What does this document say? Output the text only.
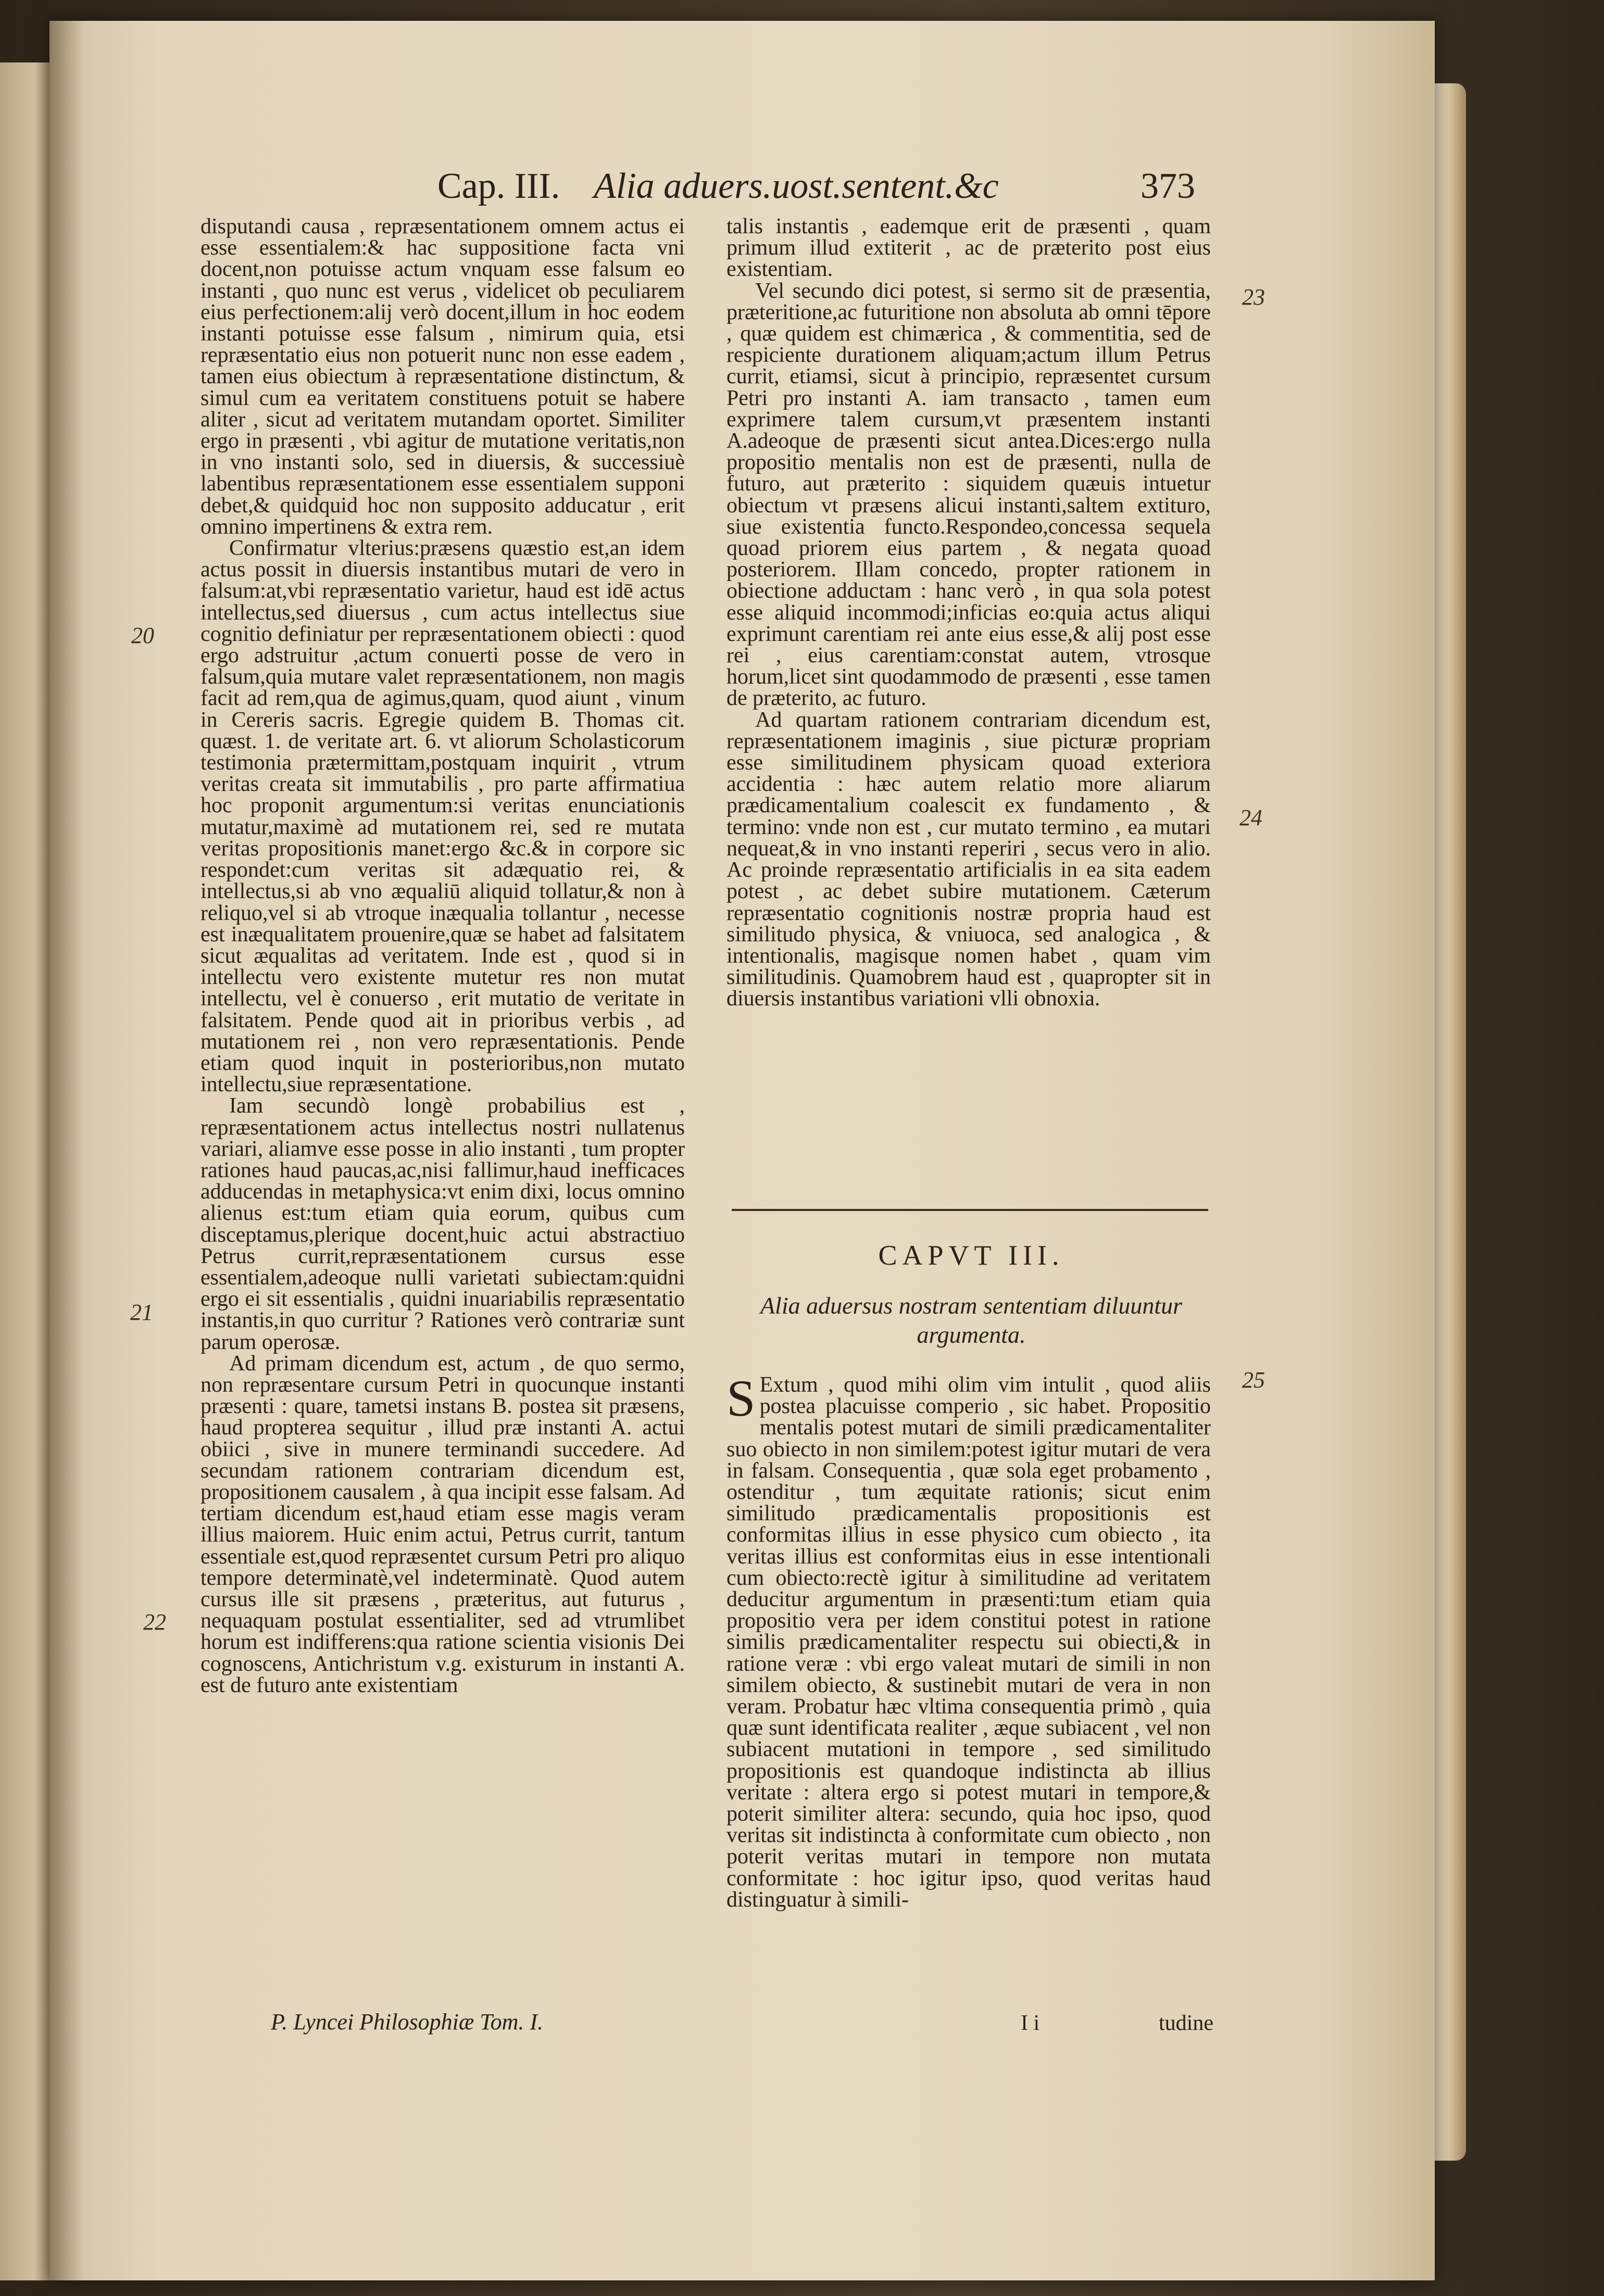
Cap. III. Alia aduers.uost.sentent.&c	373

disputandi causa , repræsentationem omnem actus ei esse essentialem:& hac suppositione facta vni docent,non potuisse actum vnquam esse falsum eo instanti , quo nunc est verus , videlicet ob peculiarem eius perfectionem:alij verò docent,illum in hoc eodem instanti potuisse esse falsum , nimirum quia, etsi repræsentatio eius non potuerit nunc non esse eadem , tamen eius obiectum à repræsentatione distinctum, & simul cum ea veritatem constituens potuit se habere aliter , sicut ad veritatem mutandam oportet. Similiter ergo in præsenti , vbi agitur de mutatione veritatis,non in vno instanti solo, sed in diuersis, & successiuè labentibus repræsentationem esse essentialem supponi debet,& quidquid hoc non supposito adducatur , erit omnino impertinens & extra rem.

Confirmatur vlterius:præsens quæstio est,an idem actus possit in diuersis instantibus mutari de vero in falsum:at,vbi repræsentatio varietur, haud est idē actus intellectus,sed diuersus , cum actus intellectus siue cognitio definiatur per repræsentationem obiecti : quod ergo adstruitur ,actum conuerti posse de vero in falsum,quia mutare valet repræsentationem, non magis facit ad rem,qua de agimus,quam, quod aiunt , vinum in Cereris sacris. Egregie quidem B. Thomas cit. quæst. 1. de veritate art. 6. vt aliorum Scholasticorum testimonia prætermittam,postquam inquirit , vtrum veritas creata sit immutabilis , pro parte affirmatiua hoc proponit argumentum:si veritas enunciationis mutatur,maximè ad mutationem rei, sed re mutata veritas propositionis manet:ergo &c.& in corpore sic respondet:cum veritas sit adæquatio rei, & intellectus,si ab vno æqualiū aliquid tollatur,& non à reliquo,vel si ab vtroque inæqualia tollantur , necesse est inæqualitatem prouenire,quæ se habet ad falsitatem sicut æqualitas ad veritatem. Inde est , quod si in intellectu vero existente mutetur res non mutat intellectu, vel è conuerso , erit mutatio de veritate in falsitatem. Pende quod ait in prioribus verbis , ad mutationem rei , non vero repræsentationis. Pende etiam quod inquit in posterioribus,non mutato intellectu,siue repræsentatione.

Iam secundò longè probabilius est , repræsentationem actus intellectus nostri nullatenus variari, aliamve esse posse in alio instanti , tum propter rationes haud paucas,ac,nisi fallimur,haud inefficaces adducendas in metaphysica:vt enim dixi, locus omnino alienus est:tum etiam quia eorum, quibus cum disceptamus,plerique docent,huic actui abstractiuo Petrus currit,repræsentationem cursus esse essentialem,adeoque nulli varietati subiectam:quidni ergo ei sit essentialis , quidni inuariabilis repræsentatio instantis,in quo curritur ? Rationes verò contrariæ sunt parum operosæ.

Ad primam dicendum est, actum , de quo sermo, non repræsentare cursum Petri in quocunque instanti præsenti : quare, tametsi instans B. postea sit præsens, haud propterea sequitur , illud præ instanti A. actui obiici , sive in munere terminandi succedere. Ad secundam rationem contrariam dicendum est, propositionem causalem , à qua incipit esse falsam. Ad tertiam dicendum est,haud etiam esse magis veram illius maiorem. Huic enim actui, Petrus currit, tantum essentiale est,quod repræsentet cursum Petri pro aliquo tempore determinatè,vel indeterminatè. Quod autem cursus ille sit præsens , præteritus, aut futurus , nequaquam postulat essentialiter, sed ad vtrumlibet horum est indifferens:qua ratione scientia visionis Dei cognoscens, Antichristum v.g. existurum in instanti A. est de futuro ante existentiam

talis instantis , eademque erit de præsenti , quam primum illud extiterit , ac de præterito post eius existentiam.

Vel secundo dici potest, si sermo sit de præsentia, præteritione,ac futuritione non absoluta ab omni tēpore , quæ quidem est chimærica , & commentitia, sed de respiciente durationem aliquam;actum illum Petrus currit, etiamsi, sicut à principio, repræsentet cursum Petri pro instanti A. iam transacto , tamen eum exprimere talem cursum,vt præsentem instanti A.adeoque de præsenti sicut antea.Dices:ergo nulla propositio mentalis non est de præsenti, nulla de futuro, aut præterito : siquidem quæuis intuetur obiectum vt præsens alicui instanti,saltem extituro, siue existentia functo.Respondeo,concessa sequela quoad priorem eius partem , & negata quoad posteriorem. Illam concedo, propter rationem in obiectione adductam : hanc verò , in qua sola potest esse aliquid incommodi;inficias eo:quia actus aliqui exprimunt carentiam rei ante eius esse,& alij post esse rei , eius carentiam:constat autem, vtrosque horum,licet sint quodammodo de præsenti , esse tamen de præterito, ac futuro.

Ad quartam rationem contrariam dicendum est, repræsentationem imaginis , siue picturæ propriam esse similitudinem physicam quoad exteriora accidentia : hæc autem relatio more aliarum prædicamentalium coalescit ex fundamento , & termino: vnde non est , cur mutato termino , ea mutari nequeat,& in vno instanti reperiri , secus vero in alio. Ac proinde repræsentatio artificialis in ea sita eadem potest , ac debet subire mutationem. Cæterum repræsentatio cognitionis nostræ propria haud est similitudo physica, & vniuoca, sed analogica , & intentionalis, magisque nomen habet , quam vim similitudinis. Quamobrem haud est , quapropter sit in diuersis instantibus variationi vlli obnoxia.

CAPVT III.
Alia aduersus nostram sententiam diluuntur argumenta.

S Extum , quod mihi olim vim intulit , quod aliis postea placuisse comperio , sic habet. Propositio mentalis potest mutari de simili prædicamentaliter suo obiecto in non similem:potest igitur mutari de vera in falsam. Consequentia , quæ sola eget probamento , ostenditur , tum æquitate rationis; sicut enim similitudo prædicamentalis propositionis est conformitas illius in esse physico cum obiecto , ita veritas illius est conformitas eius in esse intentionali cum obiecto:rectè igitur à similitudine ad veritatem deducitur argumentum in præsenti:tum etiam quia propositio vera per idem constitui potest in ratione similis prædicamentaliter respectu sui obiecti,& in ratione veræ : vbi ergo valeat mutari de simili in non similem obiecto, & sustinebit mutari de vera in non veram. Probatur hæc vltima consequentia primò , quia quæ sunt identificata realiter , æque subiacent , vel non subiacent mutationi in tempore , sed similitudo propositionis est quandoque indistincta ab illius veritate : altera ergo si potest mutari in tempore,& poterit similiter altera: secundo, quia hoc ipso, quod veritas sit indistincta à conformitate cum obiecto , non poterit veritas mutari in tempore non mutata conformitate : hoc igitur ipso, quod veritas haud distinguatur à simili-

20
21
22
23
24
25
P. Lyncei Philosophiæ Tom. I.	I i	tudine
